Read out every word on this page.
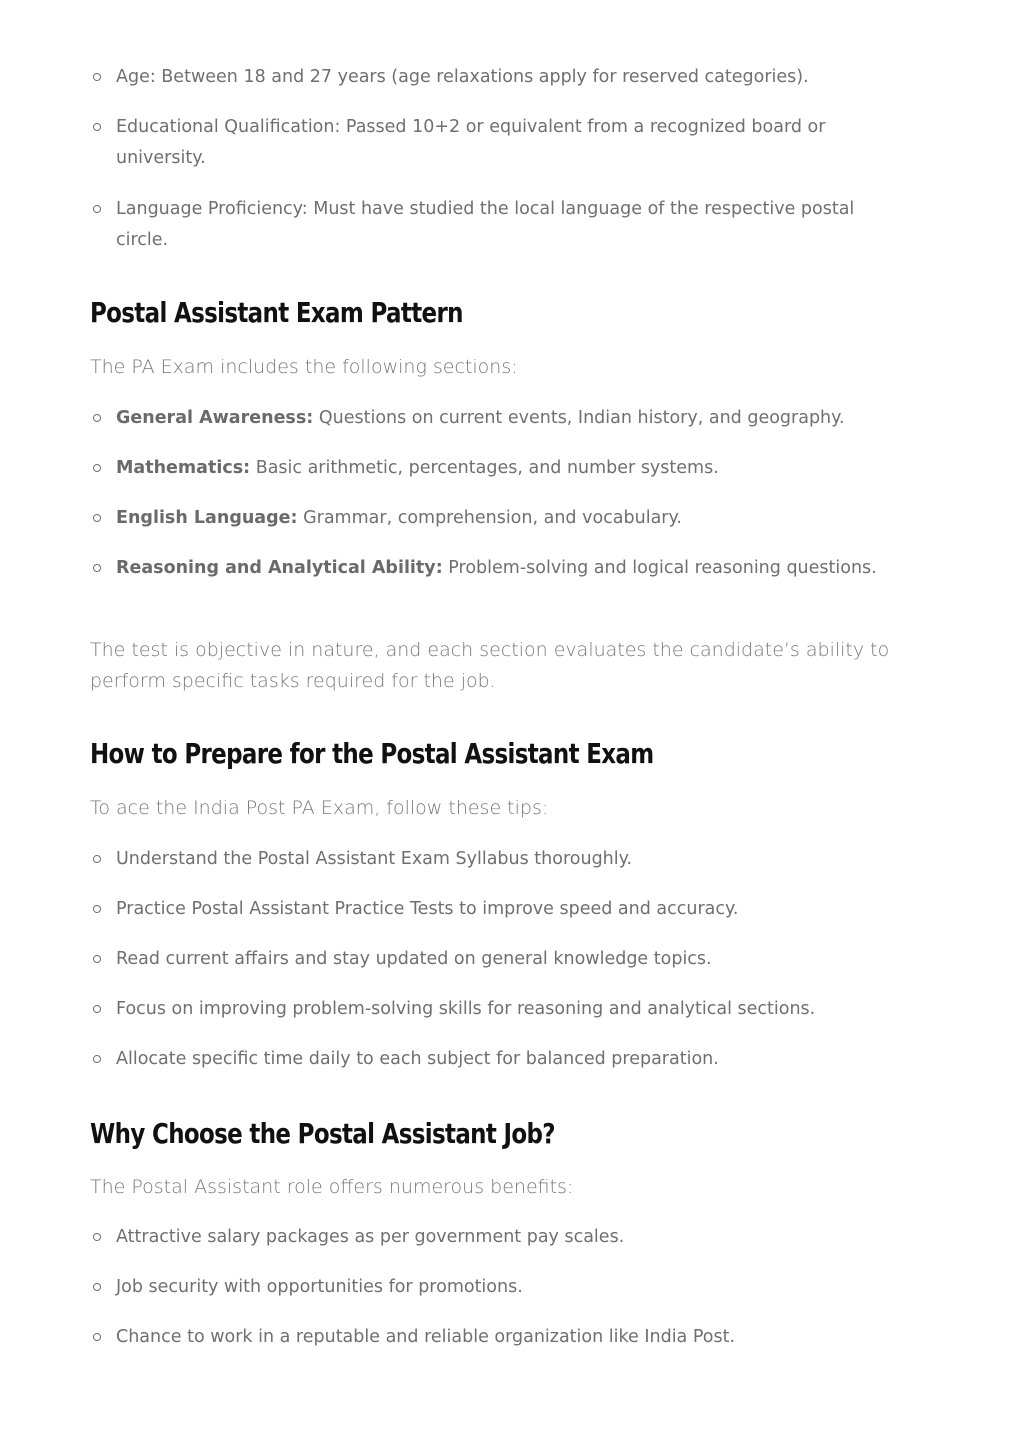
Age: Between 18 and 27 years (age relaxations apply for reserved categories).
Educational Qualification: Passed 10+2 or equivalent from a recognized board or university.
Language Proficiency: Must have studied the local language of the respective postal circle.
Postal Assistant Exam Pattern

The PA Exam includes the following sections:

General Awareness: Questions on current events, Indian history, and geography.
Mathematics: Basic arithmetic, percentages, and number systems.
English Language: Grammar, comprehension, and vocabulary.
Reasoning and Analytical Ability: Problem-solving and logical reasoning questions.

The test is objective in nature, and each section evaluates the candidate’s ability to perform specific tasks required for the job.

How to Prepare for the Postal Assistant Exam

To ace the India Post PA Exam, follow these tips:

Understand the Postal Assistant Exam Syllabus thoroughly.
Practice Postal Assistant Practice Tests to improve speed and accuracy.
Read current affairs and stay updated on general knowledge topics.
Focus on improving problem-solving skills for reasoning and analytical sections.
Allocate specific time daily to each subject for balanced preparation.
Why Choose the Postal Assistant Job?

The Postal Assistant role offers numerous benefits:

Attractive salary packages as per government pay scales.
Job security with opportunities for promotions.
Chance to work in a reputable and reliable organization like India Post.
